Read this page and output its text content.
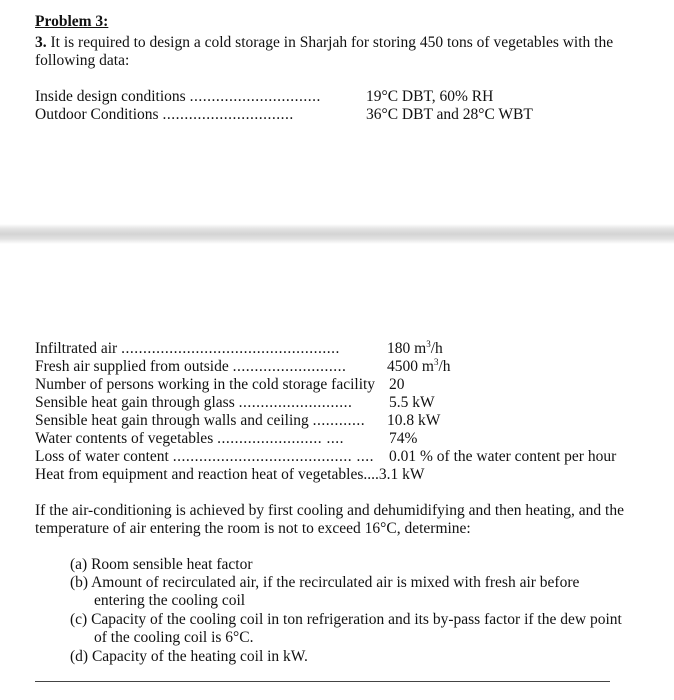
Problem 3:
3. It is required to design a cold storage in Sharjah for storing 450 tons of vegetables with the following data:
Inside design conditions ..............................	19°C DBT, 60% RH
Outdoor Conditions ..............................	36°C DBT and 28°C WBT
Infiltrated air ..................................................	180 $m^3/h$
Fresh air supplied from outside ..........................	4500 $m^3/h$
Number of persons working in the cold storage facility 20
Sensible heat gain through glass .......................... 5.5 kW
Sensible heat gain through walls and ceiling ............ 10.8 kW
Water contents of vegetables ........................ ....	74%
Loss of water content ......................................... .... 0.01 % of the water content per hour
Heat from equipment and reaction heat of vegetables....3.1 kW
If the air-conditioning is achieved by first cooling and dehumidifying and then heating, and the temperature of air entering the room is not to exceed 16°C, determine:
(a) Room sensible heat factor
(b) Amount of recirculated air, if the recirculated air is mixed with fresh air before entering the cooling coil
(c) Capacity of the cooling coil in ton refrigeration and its by-pass factor if the dew point of the cooling coil is 6°C.
(d) Capacity of the heating coil in kW.
